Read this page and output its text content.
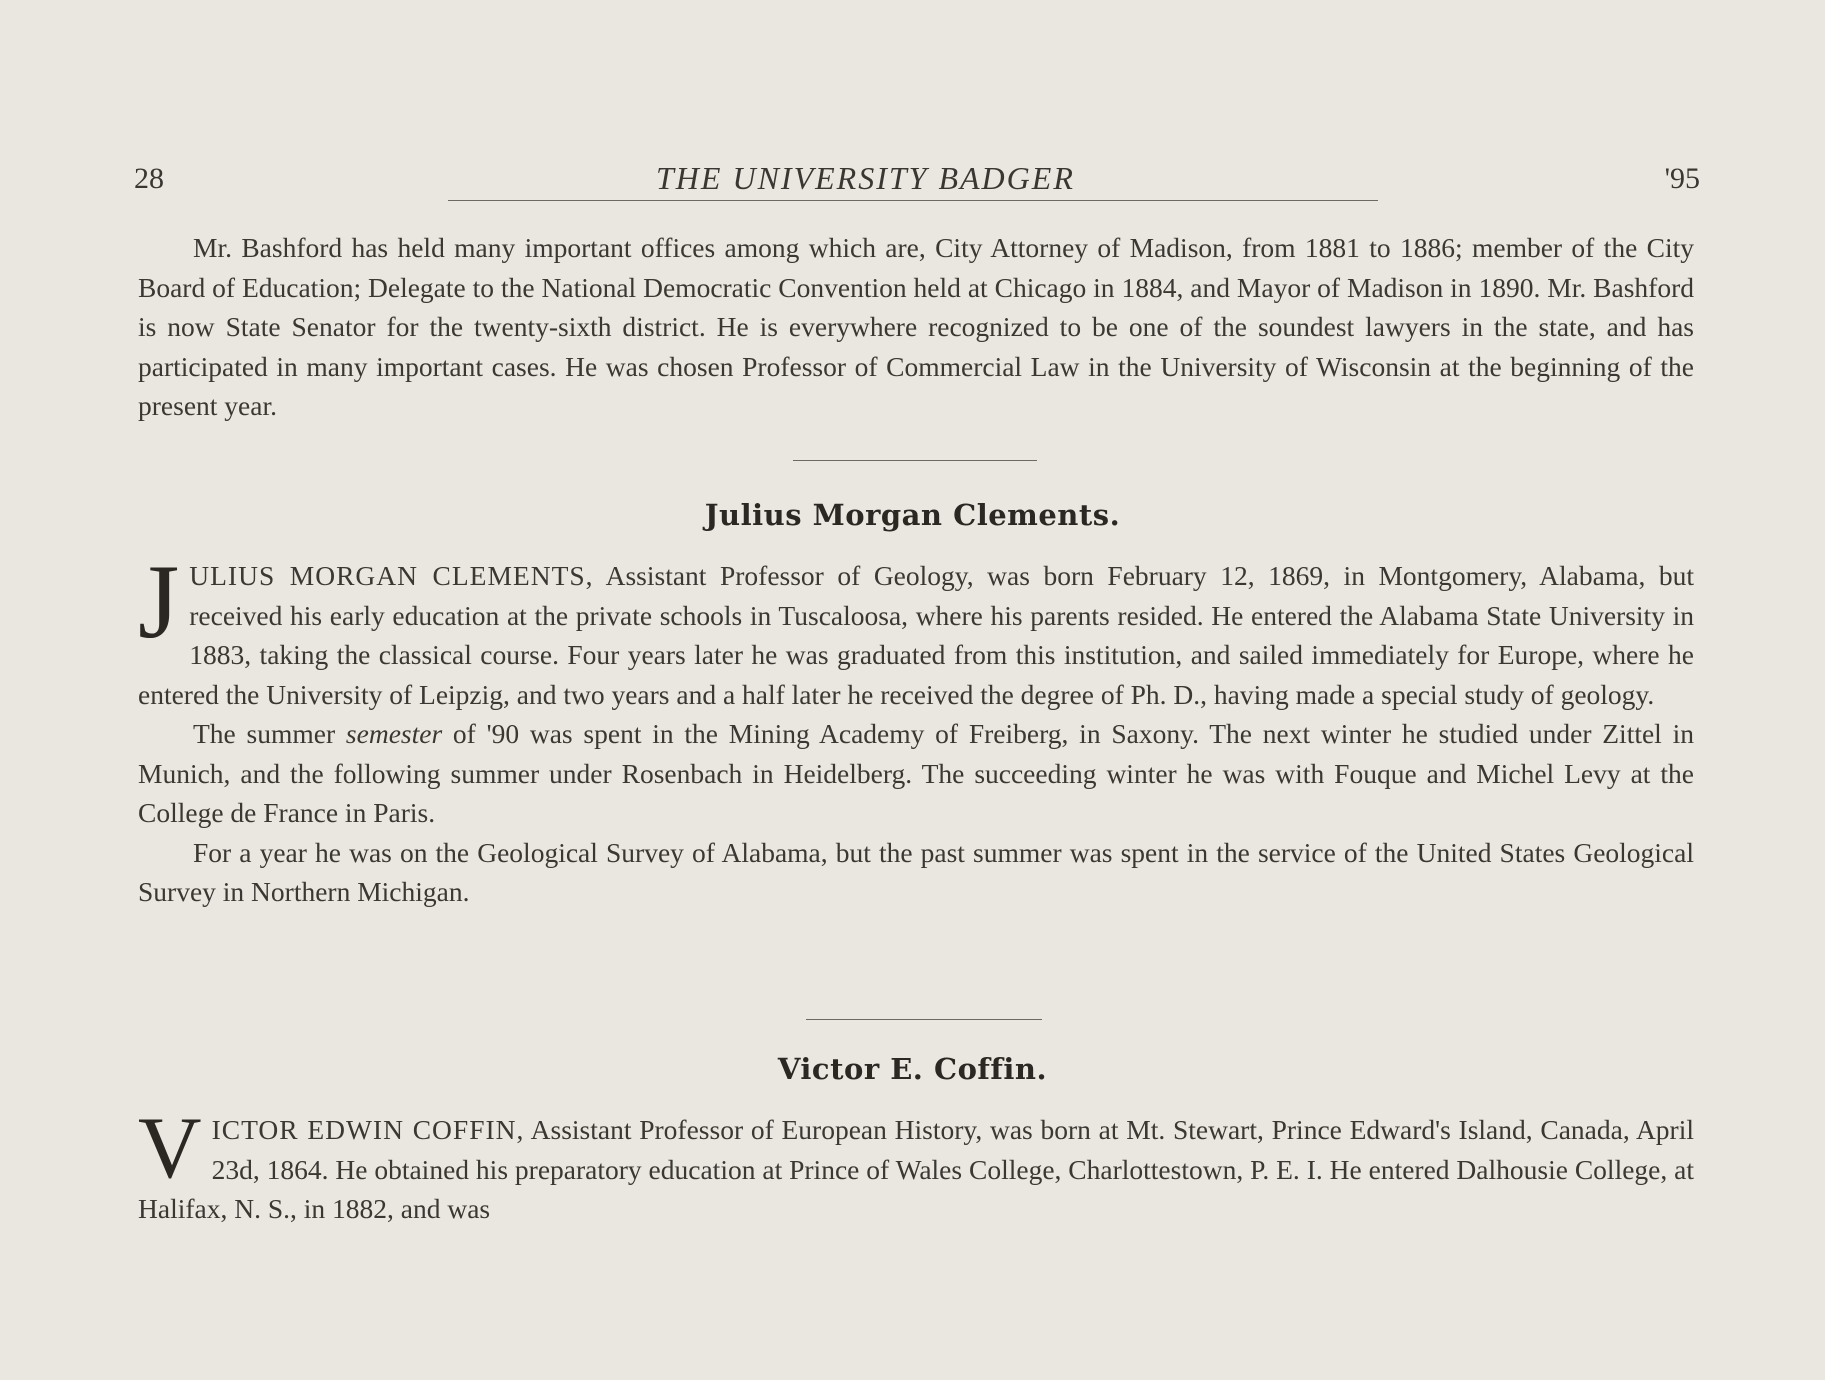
28	THE UNIVERSITY BADGER	'95

Mr. Bashford has held many important offices among which are, City Attorney of Madison, from 1881 to 1886; member of the City Board of Education; Delegate to the National Democratic Convention held at Chicago in 1884, and Mayor of Madison in 1890. Mr. Bashford is now State Senator for the twenty-sixth district. He is everywhere recognized to be one of the soundest lawyers in the state, and has participated in many important cases. He was chosen Professor of Commercial Law in the University of Wisconsin at the beginning of the present year.

Julius Morgan Clements.

JULIUS MORGAN CLEMENTS, Assistant Professor of Geology, was born February 12, 1869, in Montgomery, Alabama, but received his early education at the private schools in Tuscaloosa, where his parents resided. He entered the Alabama State University in 1883, taking the classical course. Four years later he was graduated from this institution, and sailed immediately for Europe, where he entered the University of Leipzig, and two years and a half later he received the degree of Ph. D., having made a special study of geology.

The summer semester of '90 was spent in the Mining Academy of Freiberg, in Saxony. The next winter he studied under Zittel in Munich, and the following summer under Rosenbach in Heidelberg. The succeeding winter he was with Fouque and Michel Levy at the College de France in Paris.

For a year he was on the Geological Survey of Alabama, but the past summer was spent in the service of the United States Geological Survey in Northern Michigan.

Victor E. Coffin.

VICTOR EDWIN COFFIN, Assistant Professor of European History, was born at Mt. Stewart, Prince Edward's Island, Canada, April 23d, 1864. He obtained his preparatory education at Prince of Wales College, Charlottestown, P. E. I. He entered Dalhousie College, at Halifax, N. S., in 1882, and was
